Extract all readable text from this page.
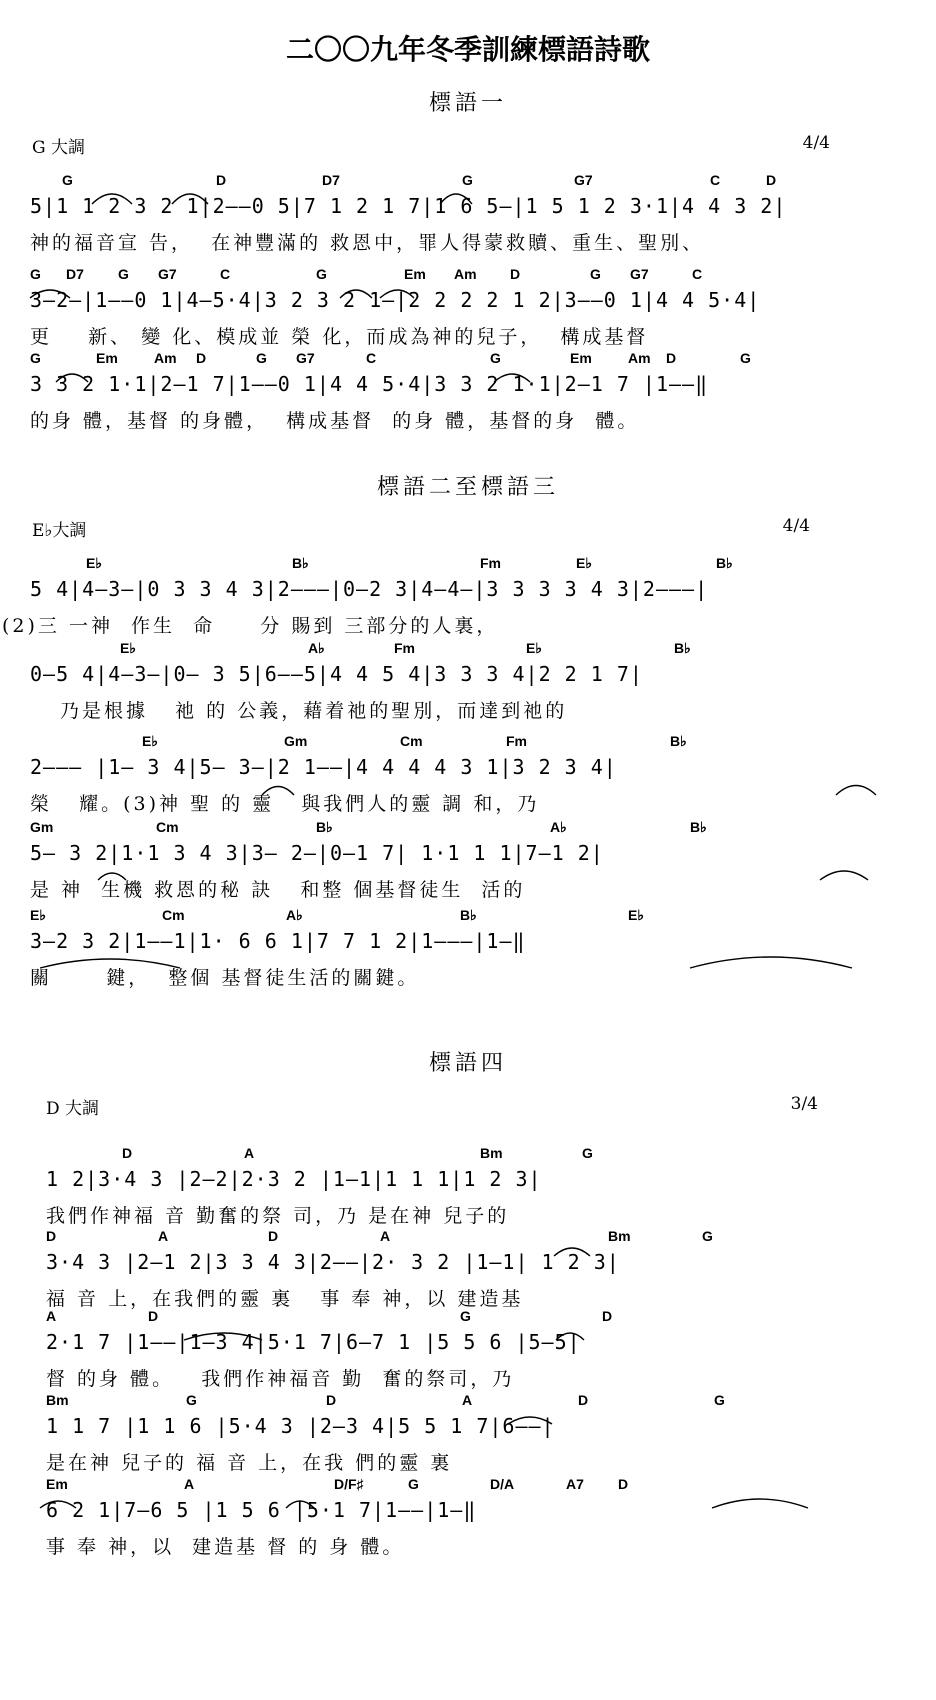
二〇〇九年冬季訓練標語詩歌
標語一
G 大調	4/4
G	D	D7	G	G7	C	D
5|1 1 2 3 2 1|2——0 5|7 1 2 1 7|1 6 5—|1 5 1 2 3·1|4 4 3 2|
神的福音宣 告，  在神豐滿的 救恩中，罪人得蒙救贖、重生、聖別、
G D7 G G7	C	G	Em Am D	G G7	C
3—2—|1——0 1|4—5·4|3 2 3 2 1—|2 2 2 2 1 2|3——0 1|4 4 5·4|
更    新、 變 化、模成並 榮 化，而成為神的兒子，  構成基督
G	Em	Am D	G G7	C	G	Em	Am D	G
3 3 2 1·1|2—1 7|1——0 1|4 4 5·4|3 3 2 1·1|2—1 7 |1——‖
的身 體，基督 的身體，  構成基督  的身 體，基督的身  體。
標語二至標語三
E♭大調	4/4
E♭	B♭	Fm	E♭	B♭
5 4|4—3—|0 3 3 4 3|2———|0—2 3|4—4—|3 3 3 3 4 3|2———|
(2)三 一神  作生  命     分 賜到 三部分的人裏，
E♭	A♭	Fm	E♭	B♭
0—5 4|4—3—|0— 3 5|6——5|4 4 5 4|3 3 3 4|2 2 1 7|
乃是根據   祂 的 公義，藉着祂的聖別，而達到祂的
E♭	Gm	Cm	Fm	B♭
2——— |1— 3 4|5— 3—|2 1——|4 4 4 4 3 1|3 2 3 4|
榮   耀。(3)神 聖 的 靈   與我們人的靈 調 和，乃
Gm	Cm	B♭	A♭	B♭
5— 3 2|1·1 3 4 3|3— 2—|0—1 7| 1·1 1 1|7—1 2|
是 神  生機 救恩的秘 訣   和整 個基督徒生  活的
E♭	Cm	A♭	B♭	E♭
3—2 3 2|1——1|1· 6 6 1|7 7 1 2|1———|1—‖
關      鍵，  整個 基督徒生活的關鍵。
標語四
D 大調	3/4
D	A	Bm	G
1 2|3·4 3 |2—2|2·3 2 |1—1|1 1 1|1 2 3|
我們作神福 音 勤奮的祭 司，乃 是在神 兒子的
D	A	D	A	Bm	G
3·4 3 |2—1 2|3 3 4 3|2——|2· 3 2 |1—1| 1 2 3|
福 音 上，在我們的靈 裏   事 奉 神，以 建造基
A	D	G	D
2·1 7 |1——|1—3 4|5·1 7|6—7 1 |5 5 6 |5—5|
督 的身 體。   我們作神福音 勤  奮的祭司，乃
Bm	G	D	A	D	G
1 1 7 |1 1 6 |5·4 3 |2—3 4|5 5 1 7|6——|
是在神 兒子的 福 音 上，在我 們的靈 裏
Em	A	D/F♯	G	D/A	A7 D
6 2 1|7—6 5 |1 5 6 |5·1 7|1——|1—‖
事 奉 神，以  建造基 督 的 身 體。
